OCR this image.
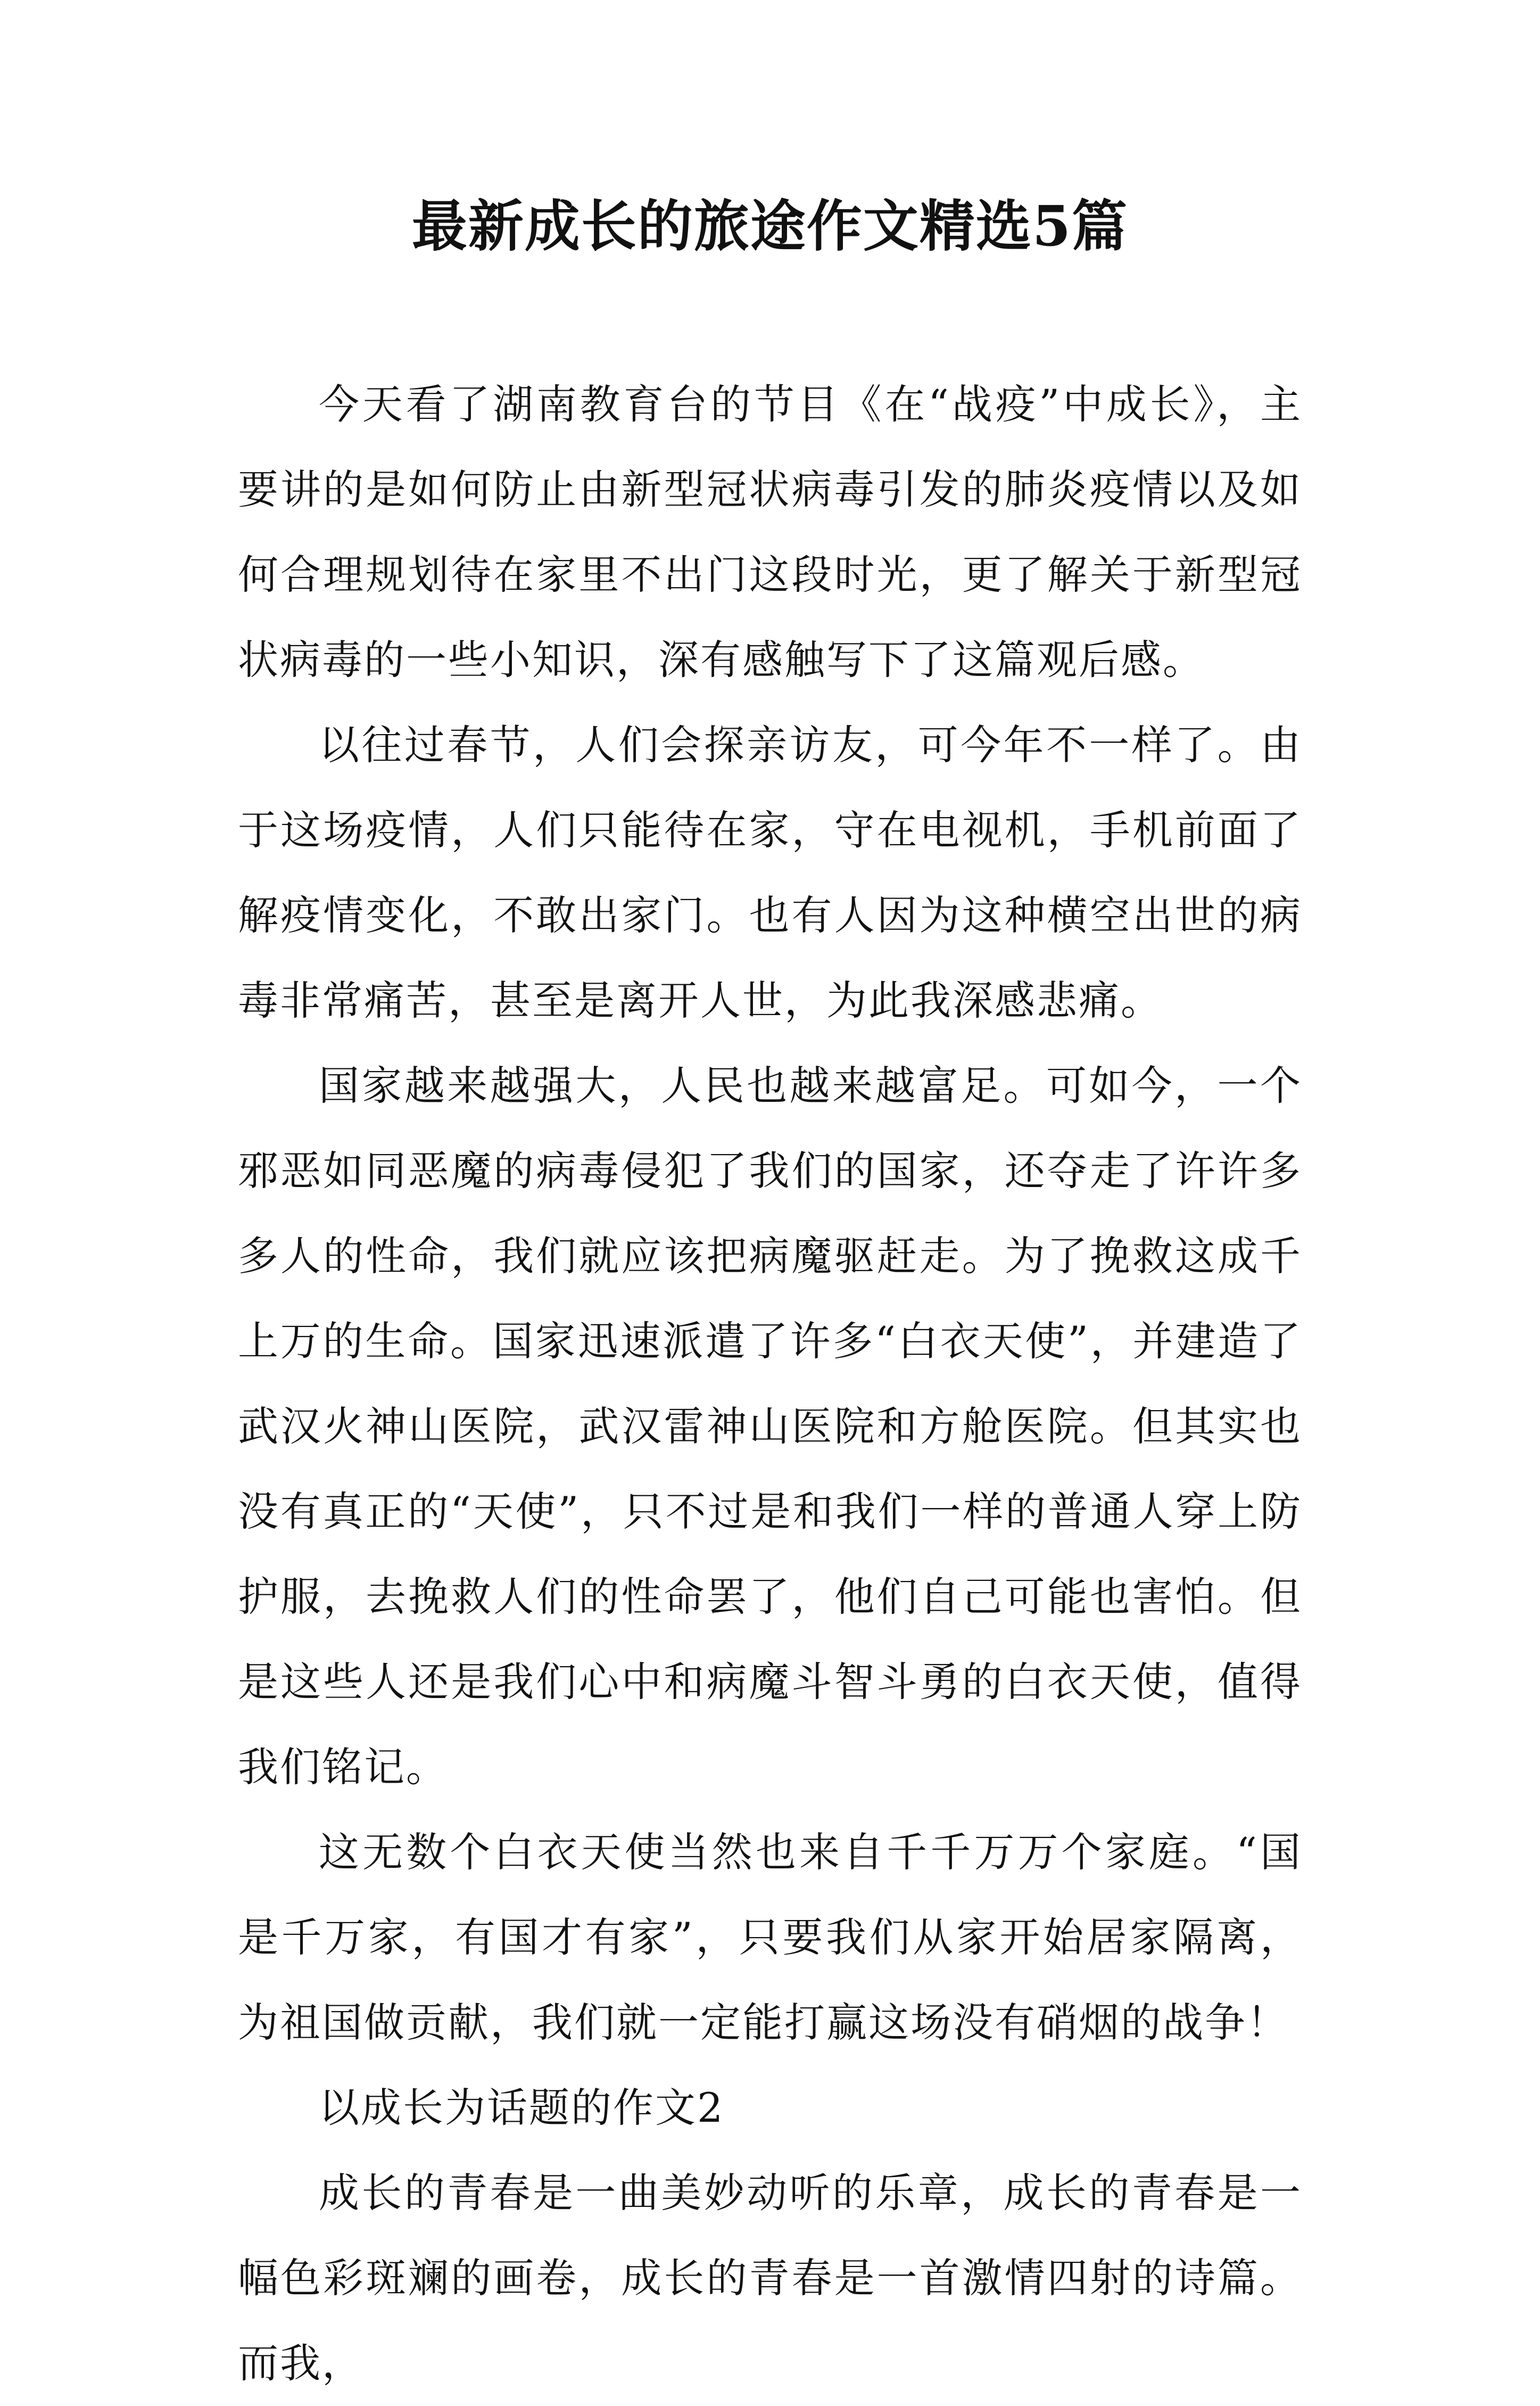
最新成长的旅途作文精选5篇

今天看了湖南教育台的节目《在“战疫”中成长》，主要讲的是如何防止由新型冠状病毒引发的肺炎疫情以及如何合理规划待在家里不出门这段时光，更了解关于新型冠状病毒的一些小知识，深有感触写下了这篇观后感。

以往过春节，人们会探亲访友，可今年不一样了。由于这场疫情，人们只能待在家，守在电视机，手机前面了解疫情变化，不敢出家门。也有人因为这种横空出世的病毒非常痛苦，甚至是离开人世，为此我深感悲痛。

国家越来越强大，人民也越来越富足。可如今，一个邪恶如同恶魔的病毒侵犯了我们的国家，还夺走了许许多多人的性命，我们就应该把病魔驱赶走。为了挽救这成千上万的生命。国家迅速派遣了许多“白衣天使”，并建造了武汉火神山医院，武汉雷神山医院和方舱医院。但其实也没有真正的“天使”，只不过是和我们一样的普通人穿上防护服，去挽救人们的性命罢了，他们自己可能也害怕。但是这些人还是我们心中和病魔斗智斗勇的白衣天使，值得我们铭记。

这无数个白衣天使当然也来自千千万万个家庭。“国是千万家，有国才有家”，只要我们从家开始居家隔离，为祖国做贡献，我们就一定能打赢这场没有硝烟的战争！

以成长为话题的作文2

成长的青春是一曲美妙动听的乐章，成长的青春是一幅色彩斑斓的画卷，成长的青春是一首激情四射的诗篇。而我，
